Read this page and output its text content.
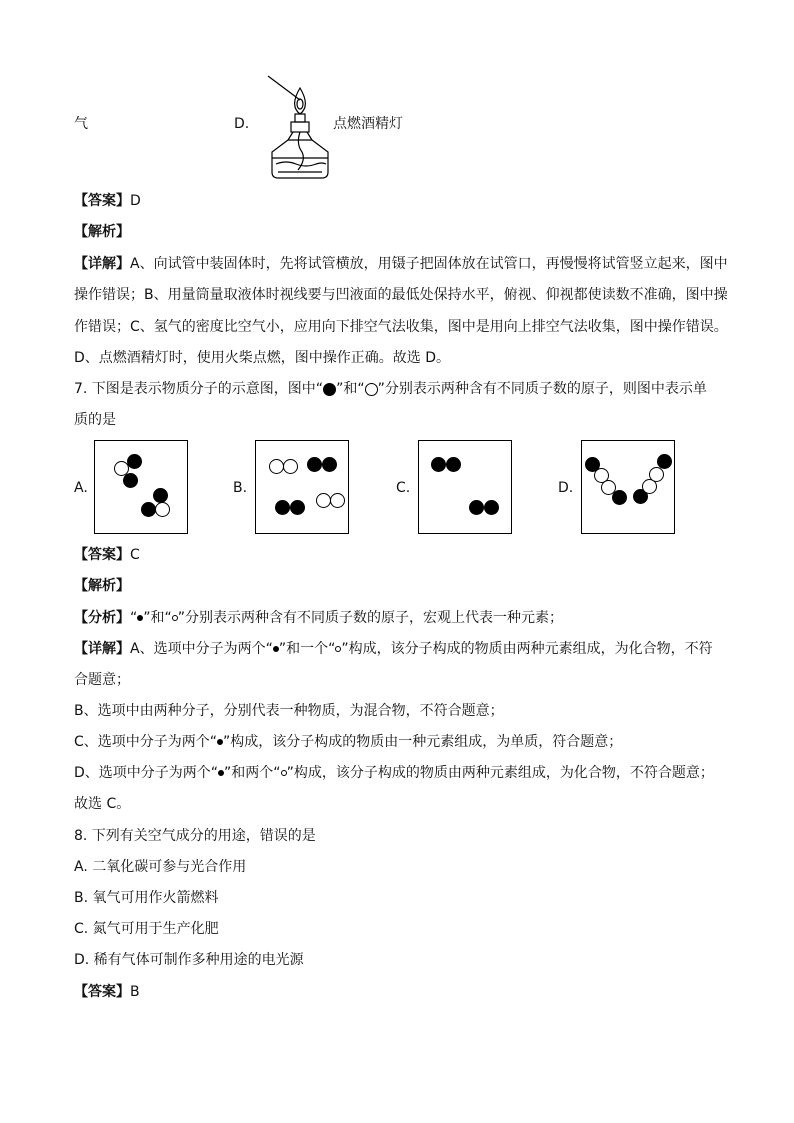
气	D.	点燃酒精灯
【答案】D
【解析】
【详解】A、向试管中装固体时，先将试管横放，用镊子把固体放在试管口，再慢慢将试管竖立起来，图中
操作错误；B、用量筒量取液体时视线要与凹液面的最低处保持水平，俯视、仰视都使读数不准确，图中操
作错误；C、氢气的密度比空气小，应用向下排空气法收集，图中是用向上排空气法收集，图中操作错误。
D、点燃酒精灯时，使用火柴点燃，图中操作正确。故选 D。
7. 下图是表示物质分子的示意图，图中“ ”和“ ”分别表示两种含有不同质子数的原子，则图中表示单
质的是
A.	B.	C.	D.
【答案】C
【解析】
【分析】“ ”和“ ”分别表示两种含有不同质子数的原子，宏观上代表一种元素；
【详解】A、选项中分子为两个“ ”和一个“ ”构成，该分子构成的物质由两种元素组成，为化合物，不符
合题意；
B、选项中由两种分子，分别代表一种物质，为混合物，不符合题意；
C、选项中分子为两个“ ”构成，该分子构成的物质由一种元素组成，为单质，符合题意；
D、选项中分子为两个“ ”和两个“ ”构成，该分子构成的物质由两种元素组成，为化合物，不符合题意；
故选 C。
8. 下列有关空气成分的用途，错误的是
A. 二氧化碳可参与光合作用
B. 氧气可用作火箭燃料
C. 氮气可用于生产化肥
D. 稀有气体可制作多种用途的电光源
【答案】B
